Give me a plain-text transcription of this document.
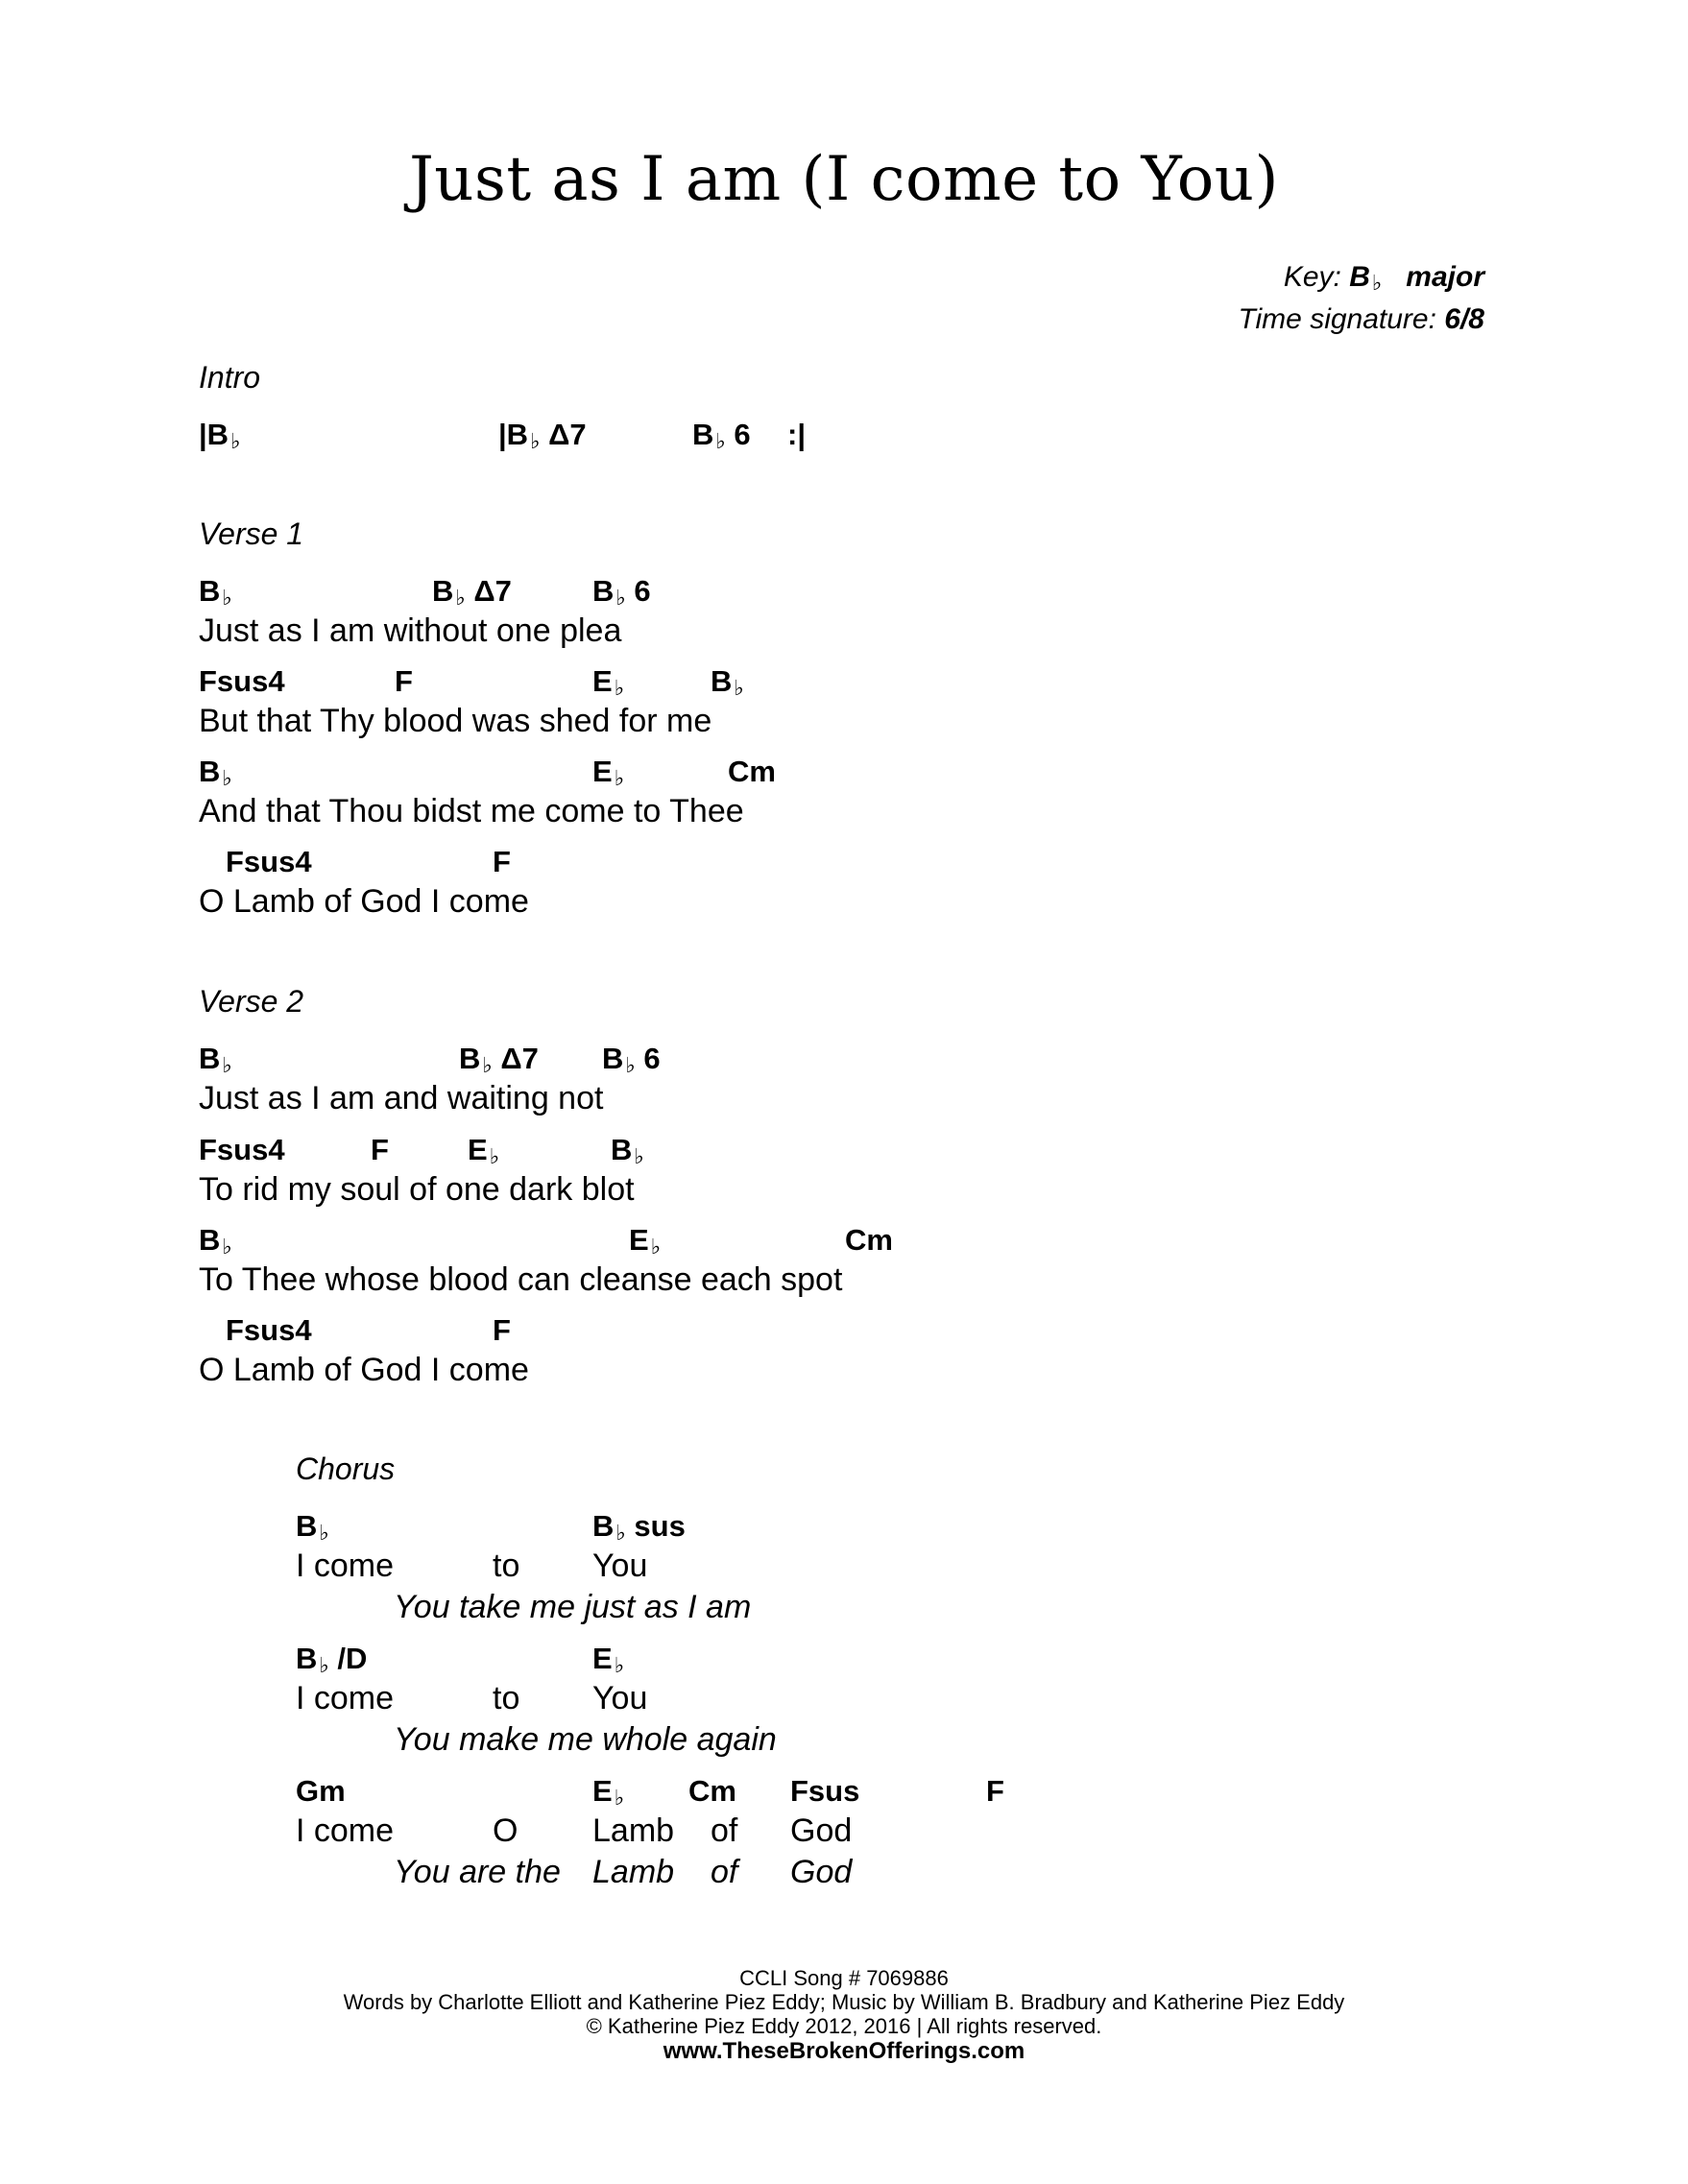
Just as I am (I come to You)
Key: B♭ major
Time signature: 6/8
Intro
|B♭	|B♭ Δ7	B♭ 6 :|
Verse 1
B♭	B♭ Δ7	B♭ 6
Just as I am without one plea
Fsus4	F	E♭	B♭
But that Thy blood was shed for me
B♭	E♭	Cm
And that Thou bidst me come to Thee
Fsus4	F
O Lamb of God I come
Verse 2
B♭	B♭ Δ7 B♭ 6
Just as I am and waiting not
Fsus4	F	E♭	B♭
To rid my soul of one dark blot
B♭	E♭	Cm
To Thee whose blood can cleanse each spot
Fsus4	F
O Lamb of God I come
Chorus
B♭	B♭ sus
I come	to You
You take me just as I am
B♭ /D	E♭
I come	to You
You make me whole again
Gm	E♭ Cm Fsus	F
I come	O Lamb of God
You are the Lamb of God
CCLI Song # 7069886
Words by Charlotte Elliott and Katherine Piez Eddy; Music by William B. Bradbury and Katherine Piez Eddy
© Katherine Piez Eddy 2012, 2016 | All rights reserved.
www.TheseBrokenOfferings.com
